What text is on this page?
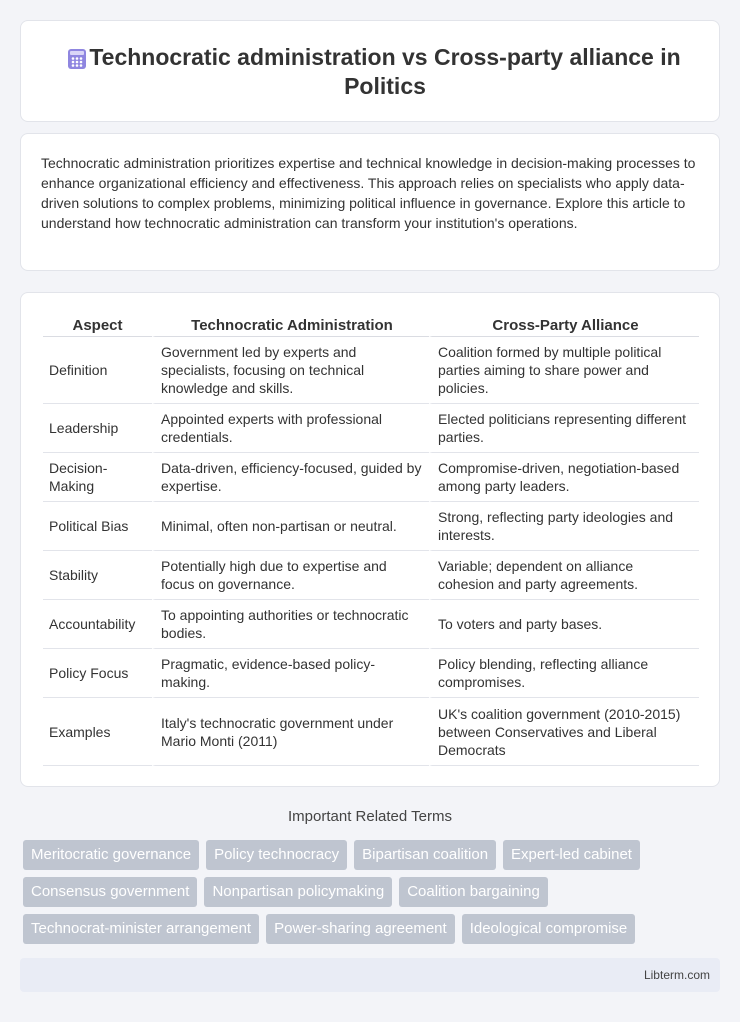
Technocratic administration vs Cross-party alliance in Politics

Technocratic administration prioritizes expertise and technical knowledge in decision-making processes to enhance organizational efficiency and effectiveness. This approach relies on specialists who apply data-driven solutions to complex problems, minimizing political influence in governance. Explore this article to understand how technocratic administration can transform your institution's operations.

Aspect	Technocratic Administration	Cross-Party Alliance
Definition	Government led by experts and specialists, focusing on technical knowledge and skills.	Coalition formed by multiple political parties aiming to share power and policies.
Leadership	Appointed experts with professional credentials.	Elected politicians representing different parties.
Decision-Making	Data-driven, efficiency-focused, guided by expertise.	Compromise-driven, negotiation-based among party leaders.
Political Bias	Minimal, often non-partisan or neutral.	Strong, reflecting party ideologies and interests.
Stability	Potentially high due to expertise and focus on governance.	Variable; dependent on alliance cohesion and party agreements.
Accountability	To appointing authorities or technocratic bodies.	To voters and party bases.
Policy Focus	Pragmatic, evidence-based policy-making.	Policy blending, reflecting alliance compromises.
Examples	Italy's technocratic government under Mario Monti (2011)	UK's coalition government (2010-2015) between Conservatives and Liberal Democrats
Important Related Terms
Meritocratic governance	Policy technocracy	Bipartisan coalition	Expert-led cabinet
Consensus government	Nonpartisan policymaking	Coalition bargaining
Technocrat-minister arrangement	Power-sharing agreement	Ideological compromise
Libterm.com
